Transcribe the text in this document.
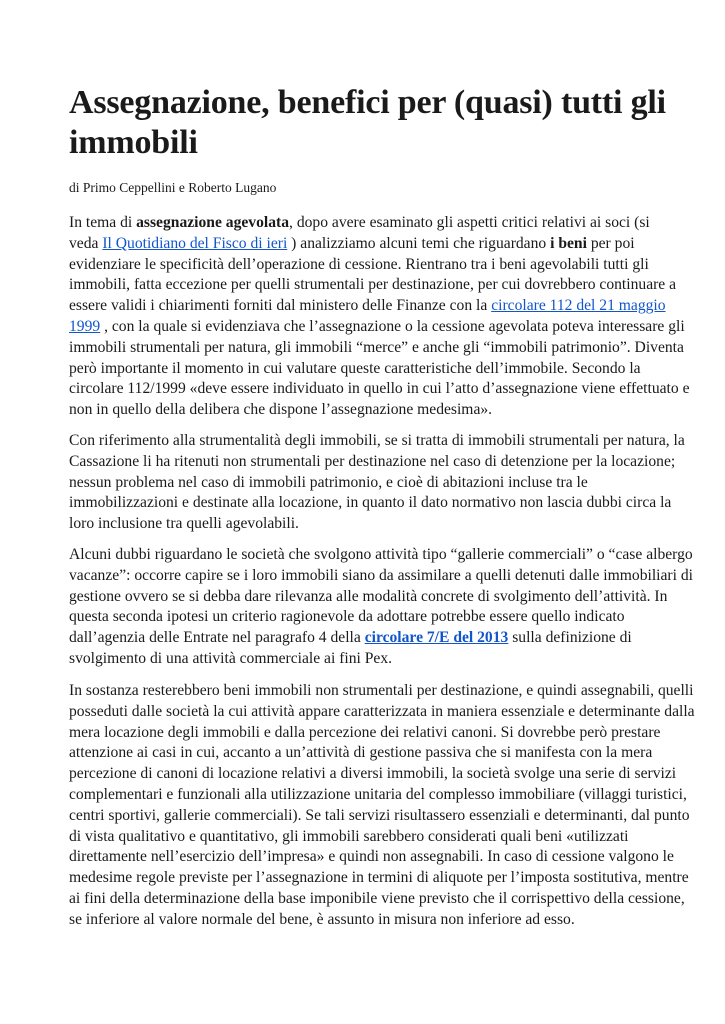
Assegnazione, benefici per (quasi) tutti gli
immobili

di Primo Ceppellini e Roberto Lugano

In tema di assegnazione agevolata, dopo avere esaminato gli aspetti critici relativi ai soci (si
veda Il Quotidiano del Fisco di ieri ) analizziamo alcuni temi che riguardano i beni per poi
evidenziare le specificità dell’operazione di cessione. Rientrano tra i beni agevolabili tutti gli
immobili, fatta eccezione per quelli strumentali per destinazione, per cui dovrebbero continuare a
essere validi i chiarimenti forniti dal ministero delle Finanze con la circolare 112 del 21 maggio
1999 , con la quale si evidenziava che l’assegnazione o la cessione agevolata poteva interessare gli
immobili strumentali per natura, gli immobili “merce” e anche gli “immobili patrimonio”. Diventa
però importante il momento in cui valutare queste caratteristiche dell’immobile. Secondo la
circolare 112/1999 «deve essere individuato in quello in cui l’atto d’assegnazione viene effettuato e
non in quello della delibera che dispone l’assegnazione medesima».

Con riferimento alla strumentalità degli immobili, se si tratta di immobili strumentali per natura, la
Cassazione li ha ritenuti non strumentali per destinazione nel caso di detenzione per la locazione;
nessun problema nel caso di immobili patrimonio, e cioè di abitazioni incluse tra le
immobilizzazioni e destinate alla locazione, in quanto il dato normativo non lascia dubbi circa la
loro inclusione tra quelli agevolabili.

Alcuni dubbi riguardano le società che svolgono attività tipo “gallerie commerciali” o “case albergo
vacanze”: occorre capire se i loro immobili siano da assimilare a quelli detenuti dalle immobiliari di
gestione ovvero se si debba dare rilevanza alle modalità concrete di svolgimento dell’attività. In
questa seconda ipotesi un criterio ragionevole da adottare potrebbe essere quello indicato
dall’agenzia delle Entrate nel paragrafo 4 della circolare 7/E del 2013 sulla definizione di
svolgimento di una attività commerciale ai fini Pex.

In sostanza resterebbero beni immobili non strumentali per destinazione, e quindi assegnabili, quelli
posseduti dalle società la cui attività appare caratterizzata in maniera essenziale e determinante dalla
mera locazione degli immobili e dalla percezione dei relativi canoni. Si dovrebbe però prestare
attenzione ai casi in cui, accanto a un’attività di gestione passiva che si manifesta con la mera
percezione di canoni di locazione relativi a diversi immobili, la società svolge una serie di servizi
complementari e funzionali alla utilizzazione unitaria del complesso immobiliare (villaggi turistici,
centri sportivi, gallerie commerciali). Se tali servizi risultassero essenziali e determinanti, dal punto
di vista qualitativo e quantitativo, gli immobili sarebbero considerati quali beni «utilizzati
direttamente nell’esercizio dell’impresa» e quindi non assegnabili. In caso di cessione valgono le
medesime regole previste per l’assegnazione in termini di aliquote per l’imposta sostitutiva, mentre
ai fini della determinazione della base imponibile viene previsto che il corrispettivo della cessione,
se inferiore al valore normale del bene, è assunto in misura non inferiore ad esso.
